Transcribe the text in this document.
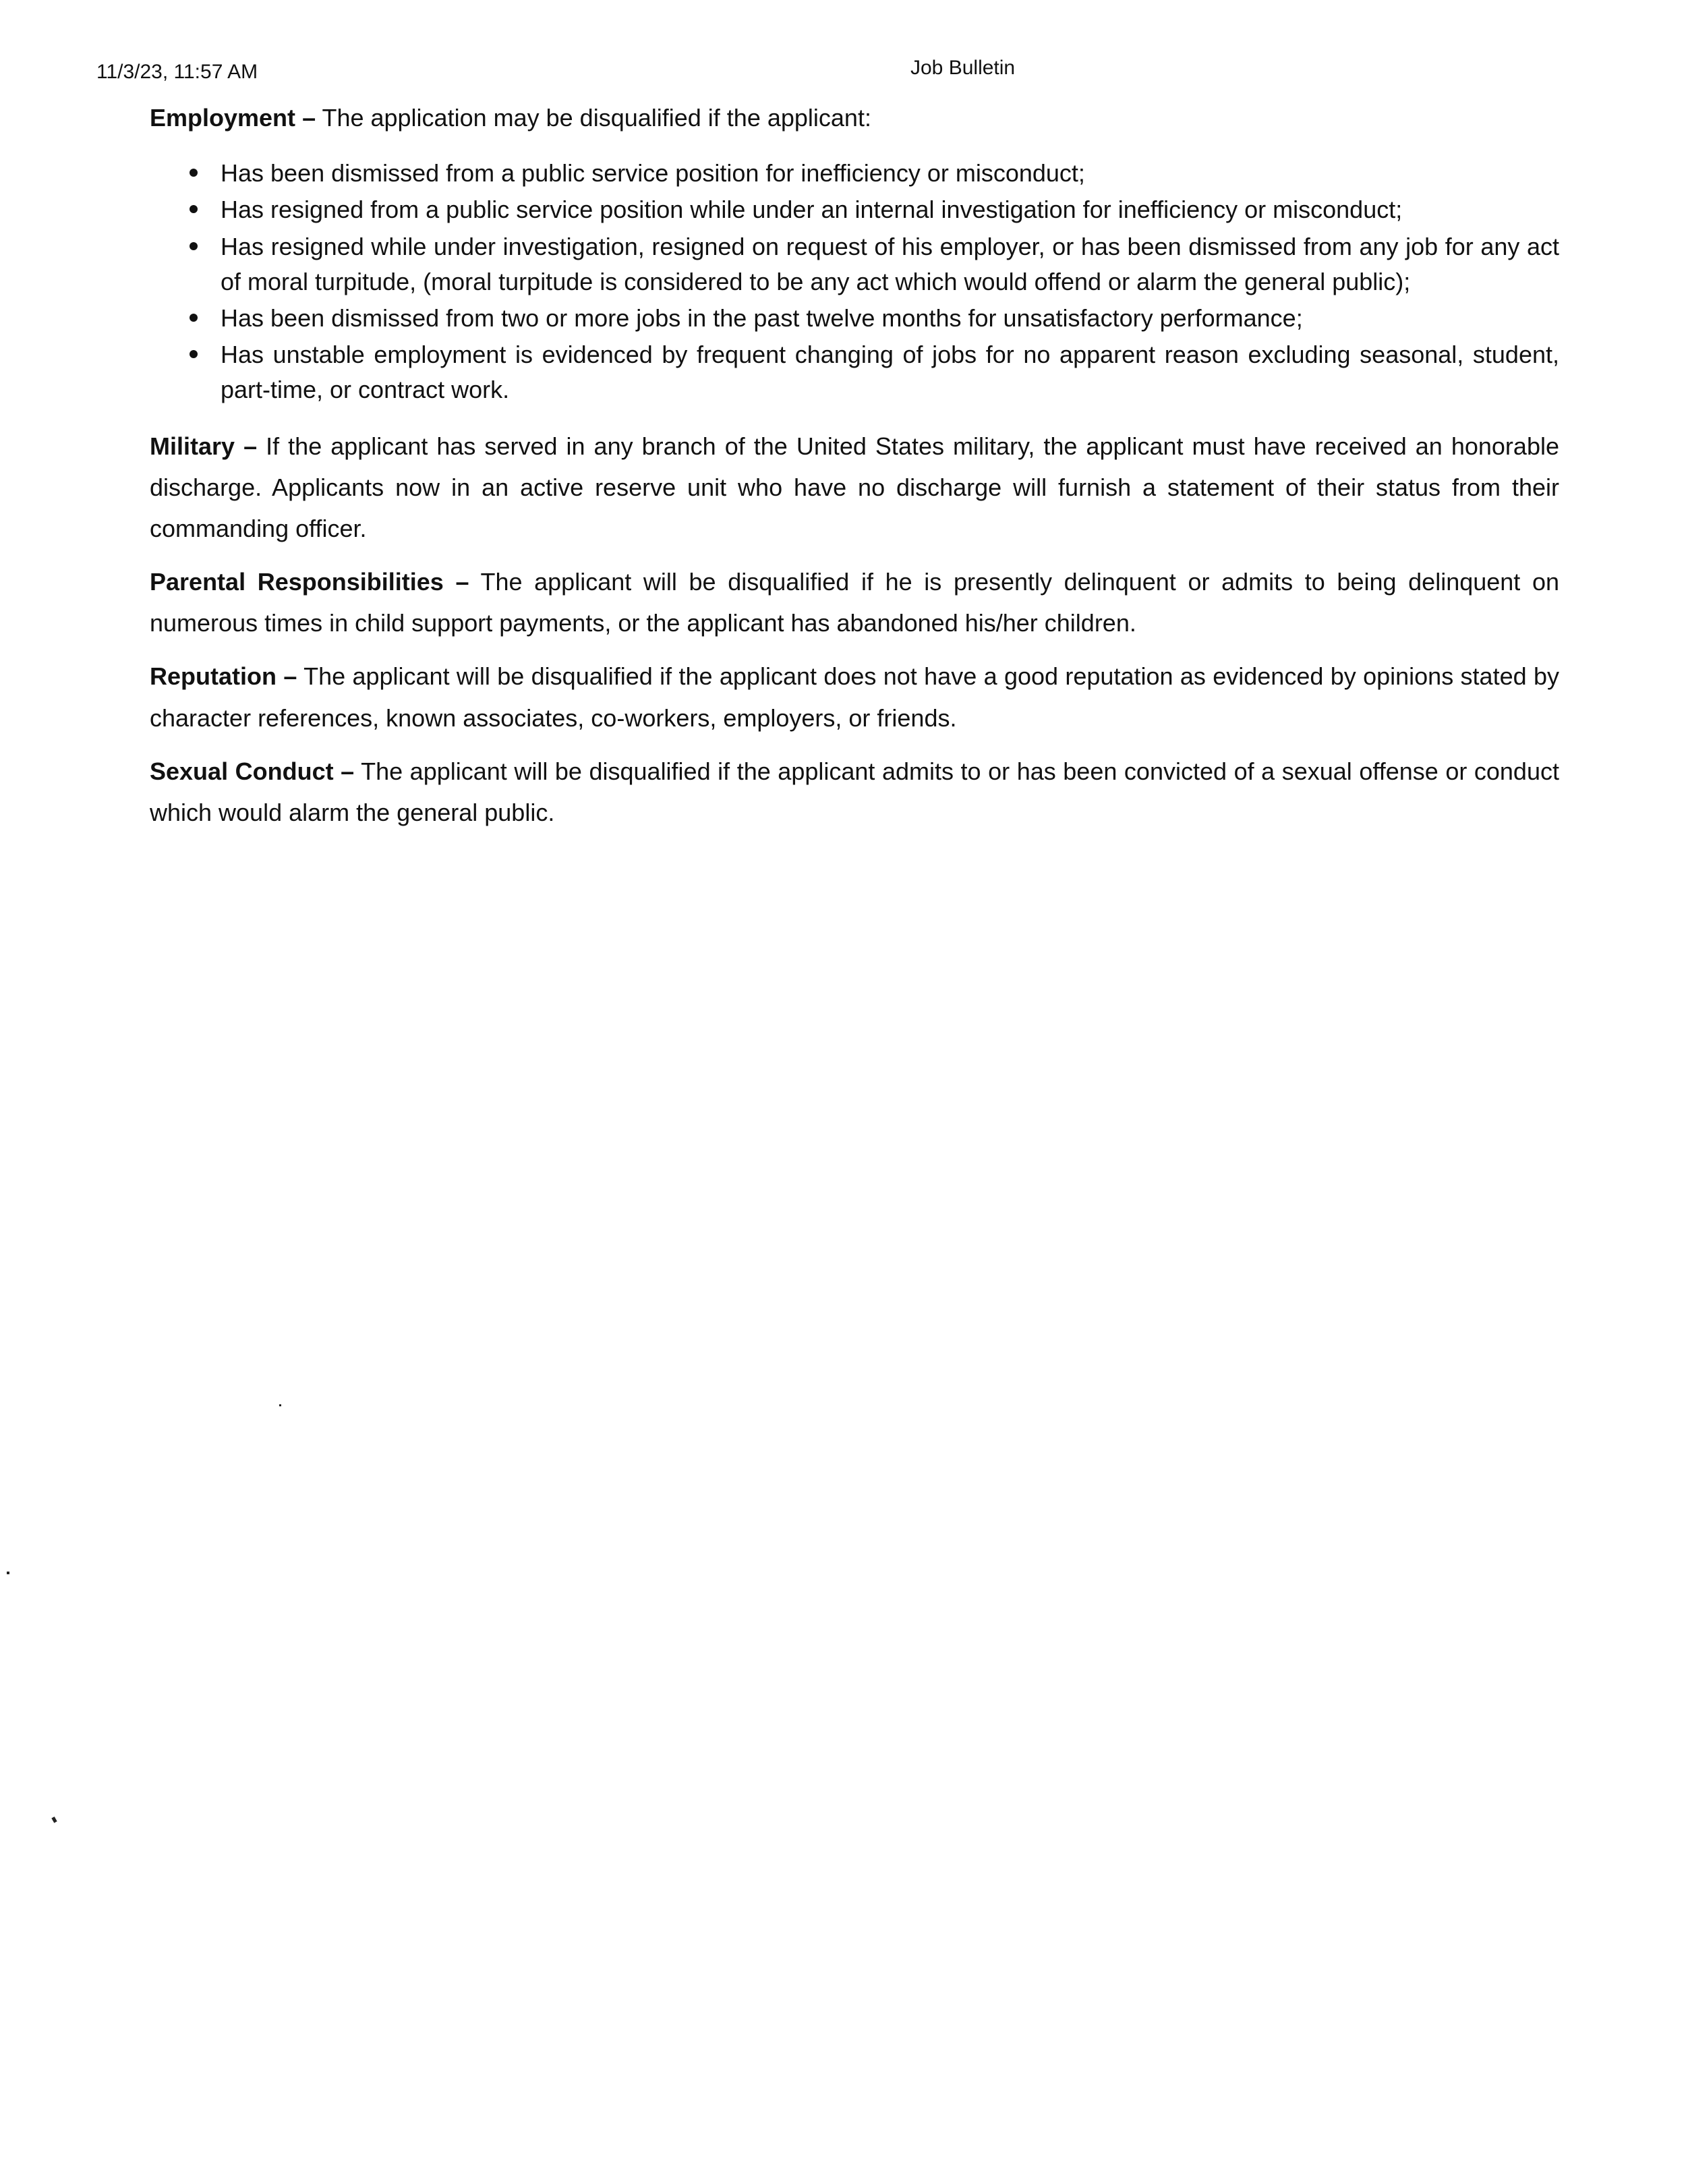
11/3/23, 11:57 AM	Job Bulletin
Employment – The application may be disqualified if the applicant:
Has been dismissed from a public service position for inefficiency or misconduct;
Has resigned from a public service position while under an internal investigation for inefficiency or misconduct;
Has resigned while under investigation, resigned on request of his employer, or has been dismissed from any job for any act of moral turpitude, (moral turpitude is considered to be any act which would offend or alarm the general public);
Has been dismissed from two or more jobs in the past twelve months for unsatisfactory performance;
Has unstable employment is evidenced by frequent changing of jobs for no apparent reason excluding seasonal, student, part-time, or contract work.
Military – If the applicant has served in any branch of the United States military, the applicant must have received an honorable discharge. Applicants now in an active reserve unit who have no discharge will furnish a statement of their status from their commanding officer.
Parental Responsibilities – The applicant will be disqualified if he is presently delinquent or admits to being delinquent on numerous times in child support payments, or the applicant has abandoned his/her children.
Reputation – The applicant will be disqualified if the applicant does not have a good reputation as evidenced by opinions stated by character references, known associates, co-workers, employers, or friends.
Sexual Conduct – The applicant will be disqualified if the applicant admits to or has been convicted of a sexual offense or conduct which would alarm the general public.
